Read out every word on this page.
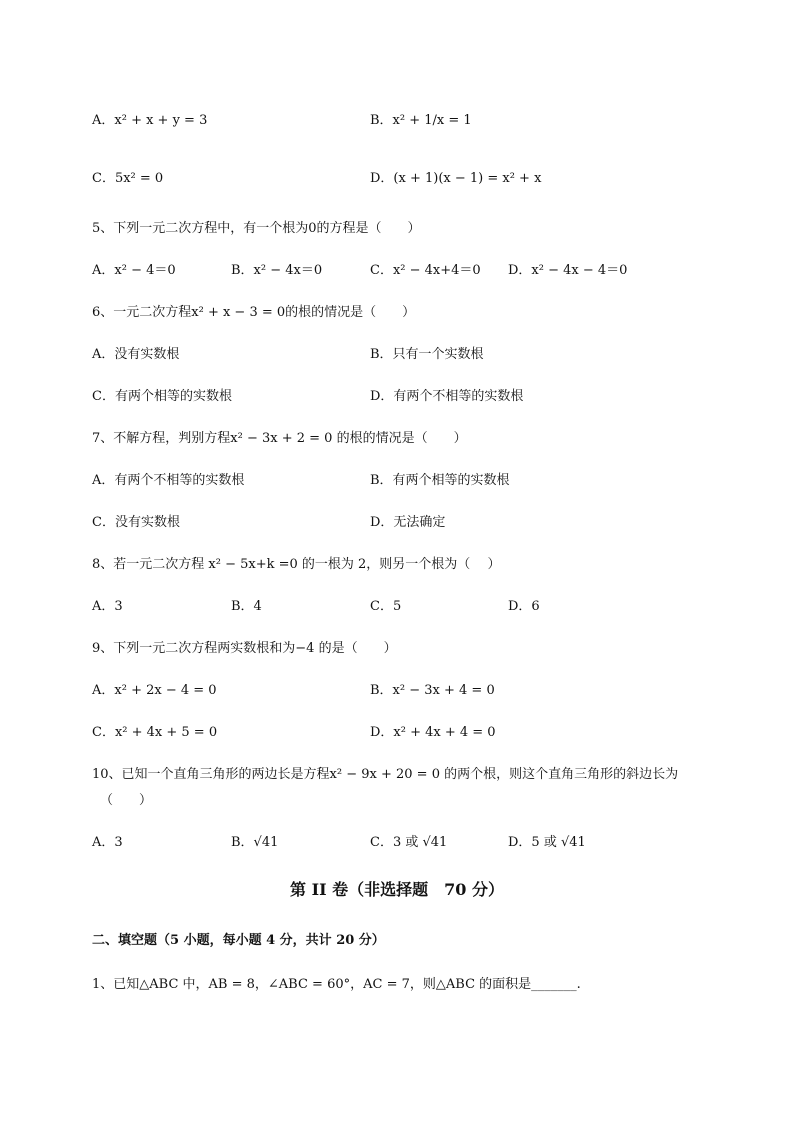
A．x² + x + y = 3	B．x² + 1/x = 1
C．5x² = 0	D．(x + 1)(x − 1) = x² + x
5、下列一元二次方程中，有一个根为0的方程是（　　）
A．x² − 4＝0	B．x² − 4x＝0	C．x² − 4x+4＝0 D．x² − 4x − 4＝0
6、一元二次方程x² + x − 3 = 0的根的情况是（　　）
A．没有实数根	B．只有一个实数根
C．有两个相等的实数根	D．有两个不相等的实数根
7、不解方程，判别方程x² − 3x + 2 = 0 的根的情况是（　　）
A．有两个不相等的实数根	B．有两个相等的实数根
C．没有实数根	D．无法确定
8、若一元二次方程 x² − 5x+k =0 的一根为 2，则另一个根为（　 ）
A．3	B．4	C．5	D．6
9、下列一元二次方程两实数根和为−4 的是（　　）
A．x² + 2x − 4 = 0	B．x² − 3x + 4 = 0
C．x² + 4x + 5 = 0	D．x² + 4x + 4 = 0
10、已知一个直角三角形的两边长是方程x² − 9x + 20 = 0 的两个根，则这个直角三角形的斜边长为
（　　）
A．3	B．√41	C．3 或 √41	D．5 或 √41
第 II 卷（非选择题　70 分）
二、填空题（5 小题，每小题 4 分，共计 20 分）
1、已知△ABC 中，AB = 8，∠ABC = 60°，AC = 7，则△ABC 的面积是_______.
